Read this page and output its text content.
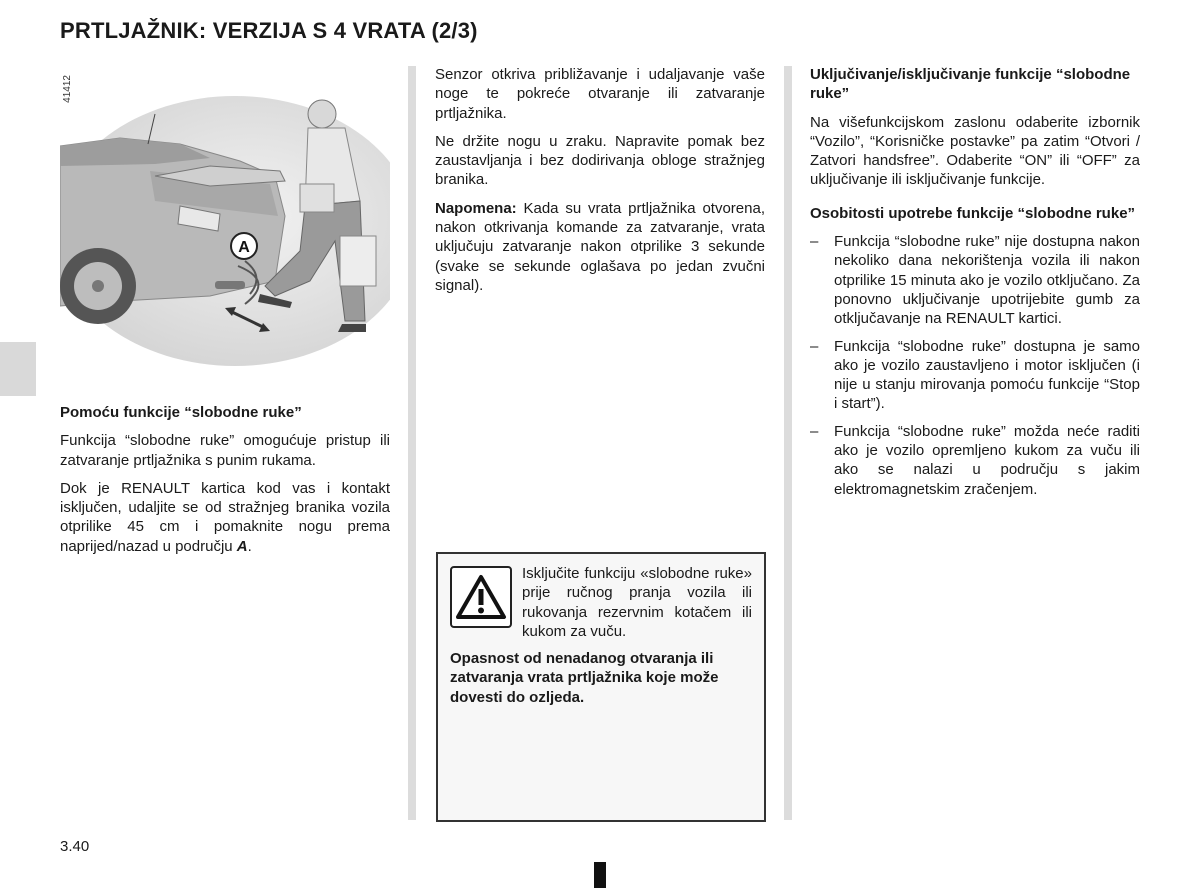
PRTLJAŽNIK: VERZIJA S 4 VRATA (2/3)
41412
A

Pomoću funkcije “slobodne ruke”

Funkcija “slobodne ruke” omogućuje pristup ili zatvaranje prtljažnika s punim rukama.

Dok je RENAULT kartica kod vas i kontakt isključen, udaljite se od stražnjeg branika vozila otprilike 45 cm i pomaknite nogu prema naprijed/nazad u području A.

Senzor otkriva približavanje i udaljavanje vaše noge te pokreće otvaranje ili zatvaranje prtljažnika.

Ne držite nogu u zraku. Napravite pomak bez zaustavljanja i bez dodirivanja obloge stražnjeg branika.

Napomena: Kada su vrata prtljažnika otvorena, nakon otkrivanja komande za zatvaranje, vrata uključuju zatvaranje nakon otprilike 3 sekunde (svake se sekunde oglašava po jedan zvučni signal).

Isključite funkciju «slobodne ruke» prije ručnog pranja vozila ili rukovanja rezervnim kotačem ili kukom za vuču.
Opasnost od nenadanog otvaranja ili zatvaranja vrata prtljažnika koje može dovesti do ozljeda.

Uključivanje/isključivanje funkcije “slobodne ruke”

Na višefunkcijskom zaslonu odaberite izbornik “Vozilo”, “Korisničke postavke” pa zatim “Otvori / Zatvori handsfree”. Odaberite “ON” ili “OFF” za uključivanje ili isključivanje funkcije.

Osobitosti upotrebe funkcije “slobodne ruke”

– Funkcija “slobodne ruke” nije dostupna nakon nekoliko dana nekorištenja vozila ili nakon otprilike 15 minuta ako je vozilo otključano. Za ponovno uključivanje upotrijebite gumb za otključavanje na RENAULT kartici.
– Funkcija “slobodne ruke” dostupna je samo ako je vozilo zaustavljeno i motor isključen (i nije u stanju mirovanja pomoću funkcije “Stop i start”).
– Funkcija “slobodne ruke” možda neće raditi ako je vozilo opremljeno kukom za vuču ili ako se nalazi u području s jakim elektromagnetskim zračenjem.
3.40
